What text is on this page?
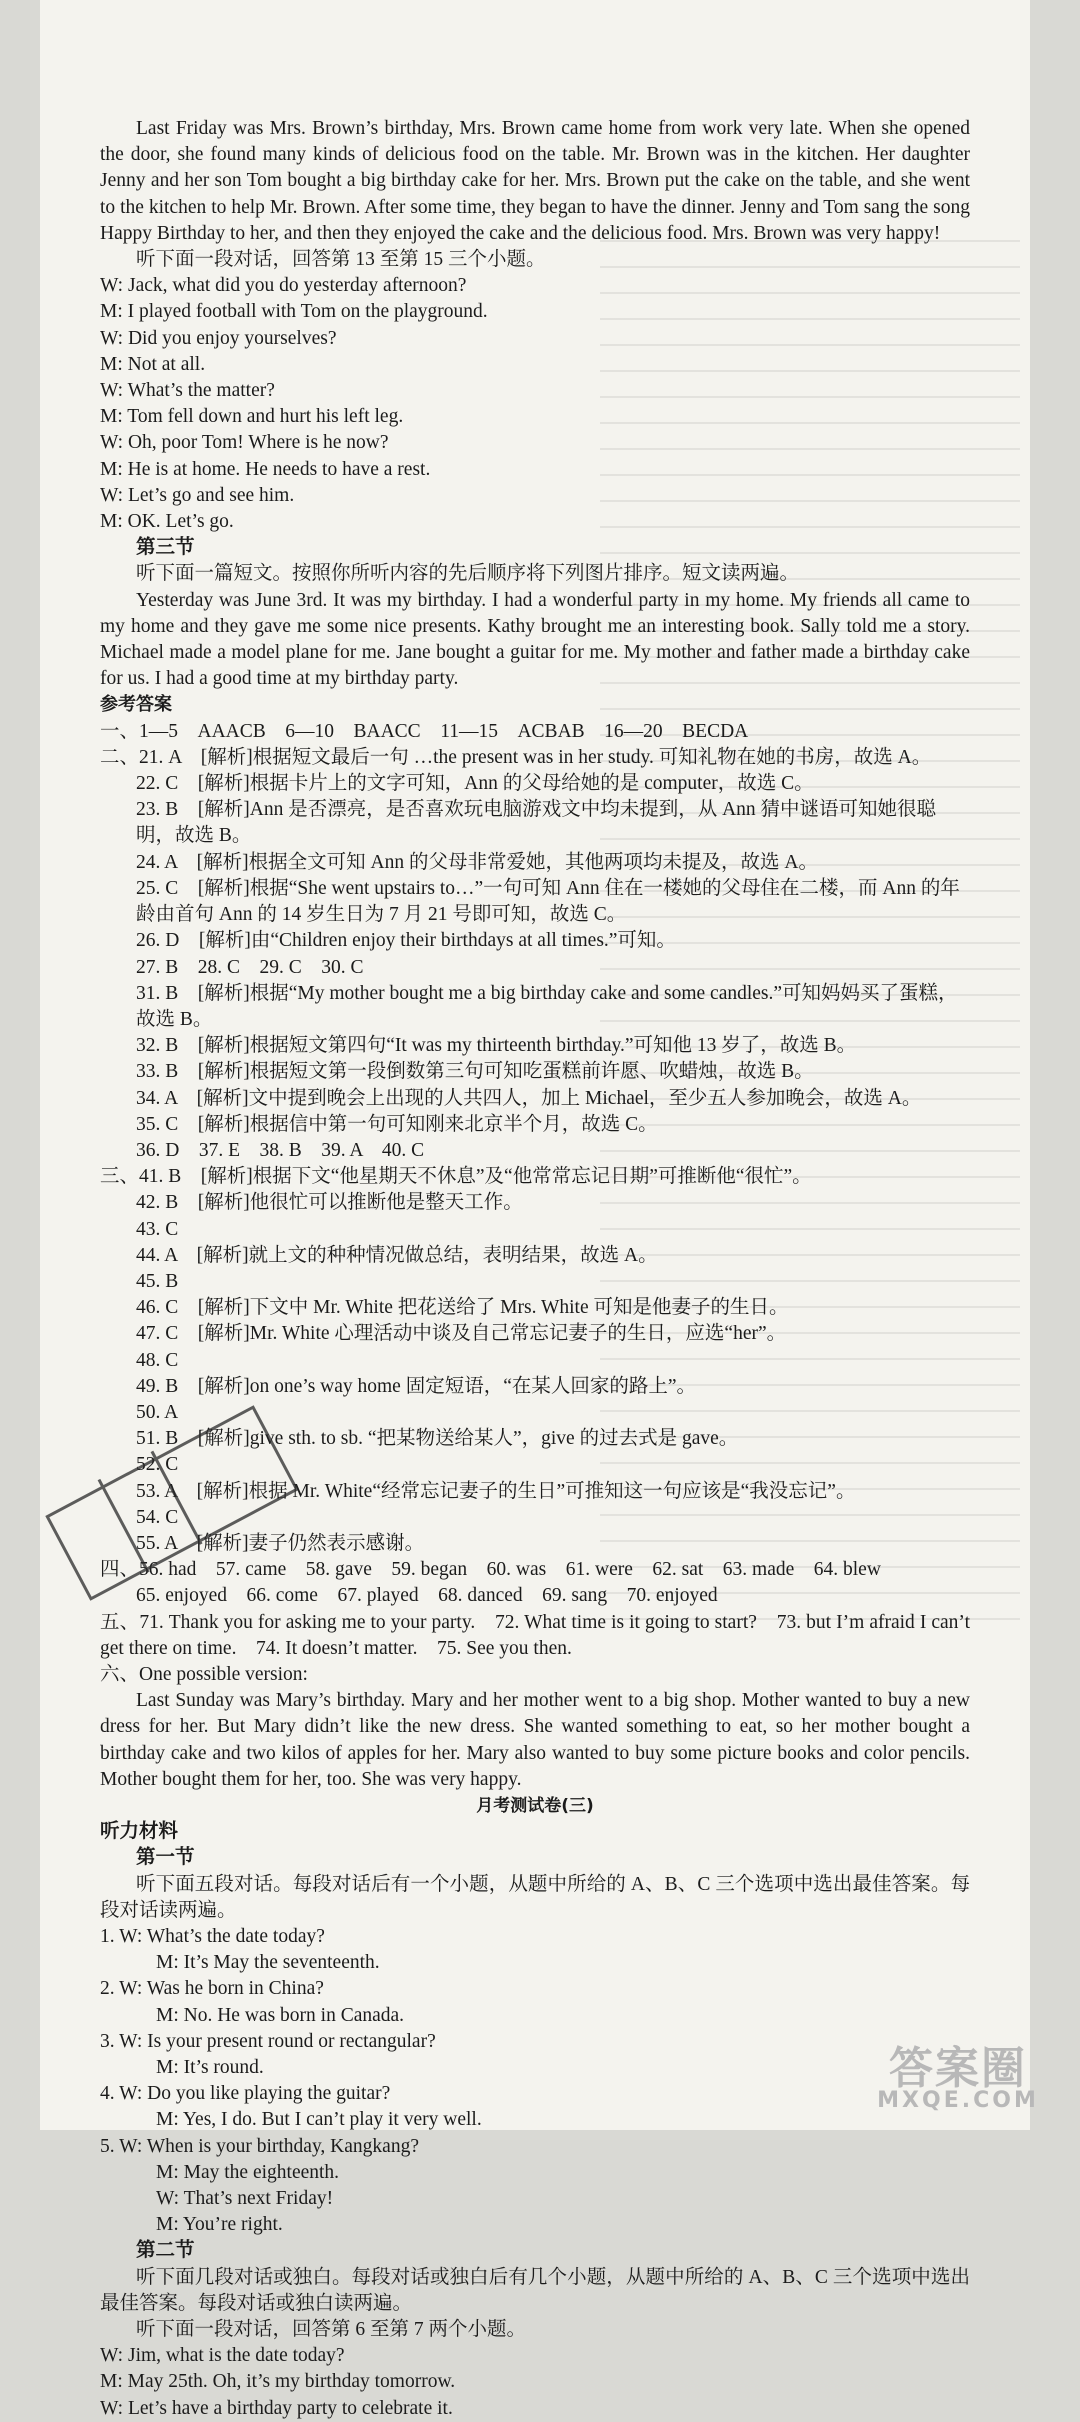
Last Friday was Mrs. Brown’s birthday, Mrs. Brown came home from work very late. When she opened the door, she found many kinds of delicious food on the table. Mr. Brown was in the kitchen. Her daughter Jenny and her son Tom bought a big birthday cake for her. Mrs. Brown put the cake on the table, and she went to the kitchen to help Mr. Brown. After some time, they began to have the dinner. Jenny and Tom sang the song Happy Birthday to her, and then they enjoyed the cake and the delicious food. Mrs. Brown was very happy!

听下面一段对话，回答第 13 至第 15 三个小题。

W: Jack, what did you do yesterday afternoon?

M: I played football with Tom on the playground.

W: Did you enjoy yourselves?

M: Not at all.

W: What’s the matter?

M: Tom fell down and hurt his left leg.

W: Oh, poor Tom! Where is he now?

M: He is at home. He needs to have a rest.

W: Let’s go and see him.

M: OK. Let’s go.

第三节

听下面一篇短文。按照你所听内容的先后顺序将下列图片排序。短文读两遍。

Yesterday was June 3rd. It was my birthday. I had a wonderful party in my home. My friends all came to my home and they gave me some nice presents. Kathy brought me an interesting book. Sally told me a story. Michael made a model plane for me. Jane bought a guitar for me. My mother and father made a birthday cake for us. I had a good time at my birthday party.

参考答案

一、1—5　AAACB　6—10　BAACC　11—15　ACBAB　16—20　BECDA

二、21. A　[解析]根据短文最后一句 …the present was in her study. 可知礼物在她的书房，故选 A。

22. C　[解析]根据卡片上的文字可知，Ann 的父母给她的是 computer，故选 C。

23. B　[解析]Ann 是否漂亮，是否喜欢玩电脑游戏文中均未提到，从 Ann 猜中谜语可知她很聪明，故选 B。

24. A　[解析]根据全文可知 Ann 的父母非常爱她，其他两项均未提及，故选 A。

25. C　[解析]根据“She went upstairs to…”一句可知 Ann 住在一楼她的父母住在二楼，而 Ann 的年龄由首句 Ann 的 14 岁生日为 7 月 21 号即可知，故选 C。

26. D　[解析]由“Children enjoy their birthdays at all times.”可知。

27. B　28. C　29. C　30. C

31. B　[解析]根据“My mother bought me a big birthday cake and some candles.”可知妈妈买了蛋糕，故选 B。

32. B　[解析]根据短文第四句“It was my thirteenth birthday.”可知他 13 岁了，故选 B。

33. B　[解析]根据短文第一段倒数第三句可知吃蛋糕前许愿、吹蜡烛，故选 B。

34. A　[解析]文中提到晚会上出现的人共四人，加上 Michael，至少五人参加晚会，故选 A。

35. C　[解析]根据信中第一句可知刚来北京半个月，故选 C。

36. D　37. E　38. B　39. A　40. C

三、41. B　[解析]根据下文“他星期天不休息”及“他常常忘记日期”可推断他“很忙”。

42. B　[解析]他很忙可以推断他是整天工作。

43. C

44. A　[解析]就上文的种种情况做总结，表明结果，故选 A。

45. B

46. C　[解析]下文中 Mr. White 把花送给了 Mrs. White 可知是他妻子的生日。

47. C　[解析]Mr. White 心理活动中谈及自己常忘记妻子的生日，应选“her”。

48. C

49. B　[解析]on one’s way home 固定短语，“在某人回家的路上”。

50. A

51. B　[解析]give sth. to sb. “把某物送给某人”，give 的过去式是 gave。

52. C

53. A　[解析]根据 Mr. White“经常忘记妻子的生日”可推知这一句应该是“我没忘记”。

54. C

55. A　[解析]妻子仍然表示感谢。

四、56. had　57. came　58. gave　59. began　60. was　61. were　62. sat　63. made　64. blew

65. enjoyed　66. come　67. played　68. danced　69. sang　70. enjoyed

五、71. Thank you for asking me to your party.　72. What time is it going to start?　73. but I’m afraid I can’t get there on time.　74. It doesn’t matter.　75. See you then.

六、One possible version:

Last Sunday was Mary’s birthday. Mary and her mother went to a big shop. Mother wanted to buy a new dress for her. But Mary didn’t like the new dress. She wanted something to eat, so her mother bought a birthday cake and two kilos of apples for her. Mary also wanted to buy some picture books and color pencils. Mother bought them for her, too. She was very happy.

月考测试卷(三)

听力材料

第一节

听下面五段对话。每段对话后有一个小题，从题中所给的 A、B、C 三个选项中选出最佳答案。每段对话读两遍。

1. W: What’s the date today?

M: It’s May the seventeenth.

2. W: Was he born in China?

M: No. He was born in Canada.

3. W: Is your present round or rectangular?

M: It’s round.

4. W: Do you like playing the guitar?

M: Yes, I do. But I can’t play it very well.

5. W: When is your birthday, Kangkang?

M: May the eighteenth.

W: That’s next Friday!

M: You’re right.

第二节

听下面几段对话或独白。每段对话或独白后有几个小题，从题中所给的 A、B、C 三个选项中选出最佳答案。每段对话或独白读两遍。

听下面一段对话，回答第 6 至第 7 两个小题。

W: Jim, what is the date today?

M: May 25th. Oh, it’s my birthday tomorrow.

W: Let’s have a birthday party to celebrate it.

答案圈
MXQE.COM
